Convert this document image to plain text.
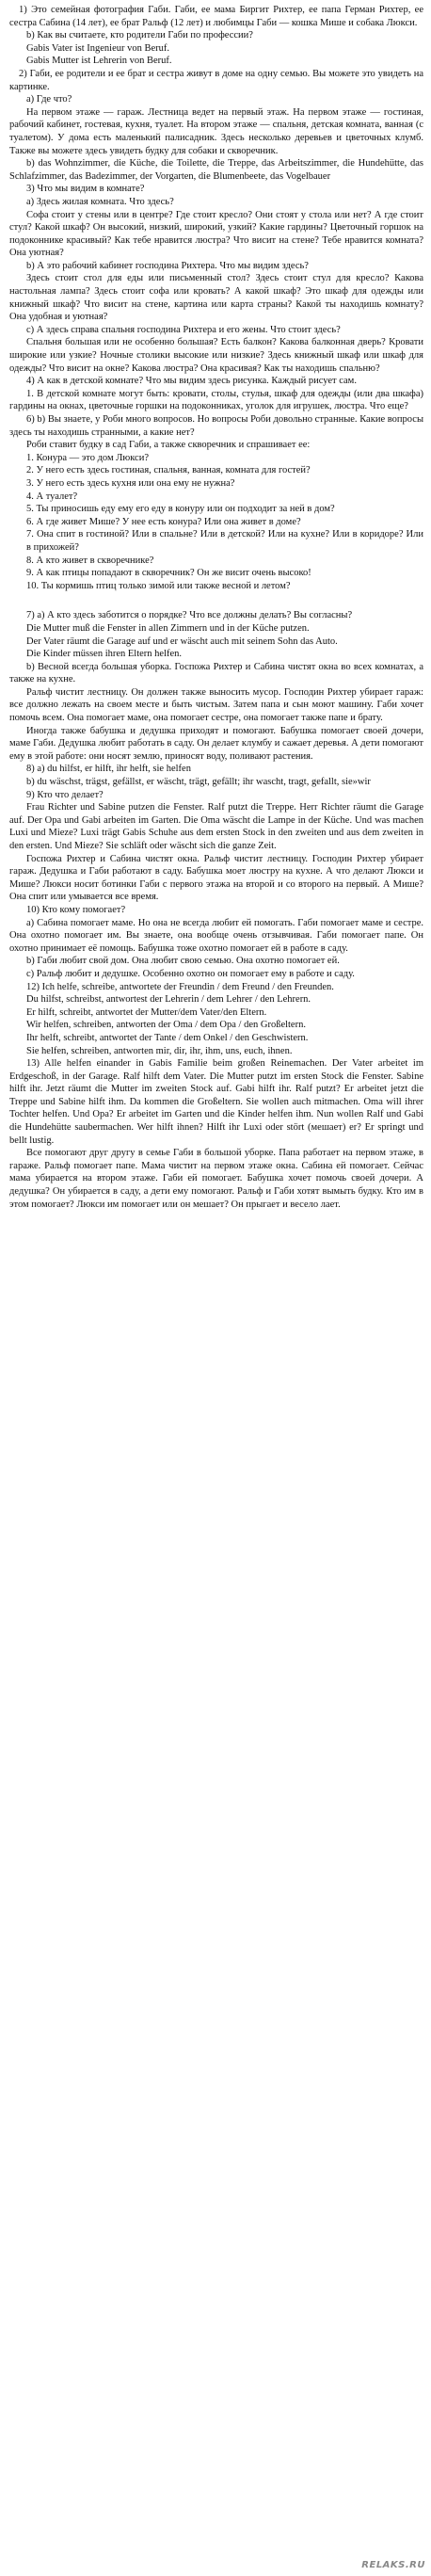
1) Это семейная фотография Габи. Габи, ее мама Биргит Рихтер, ее папа Герман Рихтер, ее сестра Сабина (14 лет), ее брат Ральф (12 лет) и любимцы Габи — кошка Мише и собака Люкси.

b) Как вы считаете, кто родители Габи по профессии?

Gabis Vater ist Ingenieur von Beruf.

Gabis Mutter ist Lehrerin von Beruf.

2) Габи, ее родители и ее брат и сестра живут в доме на одну семью. Вы можете это увидеть на картинке.

а) Где что?

На первом этаже — гараж. Лестница ведет на первый этаж. На первом этаже — гостиная, рабочий кабинет, гостевая, кухня, туалет. На втором этаже — спальня, детская комната, ванная (с туалетом). У дома есть маленький палисадник. Здесь несколько деревьев и цветочных клумб. Также вы можете здесь увидеть будку для собаки и скворечник.

b) das Wohnzimmer, die Küche, die Toilette, die Treppe, das Arbeitszimmer, die Hundehütte, das Schlafzimmer, das Badezimmer, der Vorgarten, die Blumenbeete, das Vogelbauer

3) Что мы видим в комнате?

а) Здесь жилая комната. Что здесь?

Софа стоит у стены или в центре? Где стоит кресло? Они стоят у стола или нет? А где стоит стул? Какой шкаф? Он высокий, низкий, широкий, узкий? Какие гардины? Цветочный горшок на подоконнике красивый? Как тебе нравится люстра? Что висит на стене? Тебе нравится комната? Она уютная?

b) А это рабочий кабинет господина Рихтера. Что мы видим здесь?

Здесь стоит стол для еды или письменный стол? Здесь стоит стул для кресло? Какова настольная лампа? Здесь стоит софа или кровать? А какой шкаф? Это шкаф для одежды или книжный шкаф? Что висит на стене, картина или карта страны? Какой ты находишь комнату? Она удобная и уютная?

c) А здесь справа спальня господина Рихтера и его жены. Что стоит здесь?

Спальня большая или не особенно большая? Есть балкон? Какова балконная дверь? Кровати широкие или узкие? Ночные столики высокие или низкие? Здесь книжный шкаф или шкаф для одежды? Что висит на окне? Какова люстра? Она красивая? Как ты находишь спальню?

4) А как в детской комнате? Что мы видим здесь рисунка. Каждый рисует сам.

1. В детской комнате могут быть: кровати, столы, стулья, шкаф для одежды (или два шкафа) гардины на окнах, цветочные горшки на подоконниках, уголок для игрушек, люстра. Что еще?

6) b) Вы знаете, у Роби много вопросов. Но вопросы Роби довольно странные. Какие вопросы здесь ты находишь странными, а какие нет?

Роби ставит будку в сад Габи, а также скворечник и спрашивает ее:

1. Конура — это дом Люкси?

2. У него есть здесь гостиная, спальня, ванная, комната для гостей?

3. У него есть здесь кухня или она ему не нужна?

4. А туалет?

5. Ты приносишь еду ему его еду в конуру или он подходит за ней в дом?

6. А где живет Мише? У нее есть конура? Или она живет в доме?

7. Она спит в гостиной? Или в спальне? Или в детской? Или на кухне? Или в коридоре? Или в прихожей?

8. А кто живет в скворечнике?

9. А как птицы попадают в скворечник? Он же висит очень высоко!

10. Ты кормишь птиц только зимой или также весной и летом?

7) а) А кто здесь заботится о порядке? Что все должны делать? Вы согласны?

Die Mutter muß die Fenster in allen Zimmern und in der Küche putzen.

Der Vater räumt die Garage auf und er wäscht auch mit seinem Sohn das Auto.

Die Kinder müssen ihren Eltern helfen.

b) Весной всегда большая уборка. Госпожа Рихтер и Сабина чистят окна во всех комнатах, а также на кухне.

Ральф чистит лестницу. Он должен также выносить мусор. Господин Рихтер убирает гараж: все должно лежать на своем месте и быть чистым. Затем папа и сын моют машину. Габи хочет помочь всем. Она помогает маме, она помогает сестре, она помогает также папе и брату.

Иногда также бабушка и дедушка приходят и помогают. Бабушка помогает своей дочери, маме Габи. Дедушка любит работать в саду. Он делает клумбу и сажает деревья. А дети помогают ему в этой работе: они носят землю, приносят воду, поливают растения.

8) а) du hilfst, er hilft, ihr helft, sie helfen

b) du wäschst, trägst, gefällst, er wäscht, trägt, gefällt; ihr wascht, tragt, gefallt, sie»wir

9) Кто что делает?

Frau Richter und Sabine putzen die Fenster. Ralf putzt die Treppe. Herr Richter räumt die Garage auf. Der Opa und Gabi arbeiten im Garten. Die Oma wäscht die Lampe in der Küche. Und was machen Luxi und Mieze? Luxi trägt Gabis Schuhe aus dem ersten Stock in den zweiten und aus dem zweiten in den ersten. Und Mieze? Sie schläft oder wäscht sich die ganze Zeit.

Госпожа Рихтер и Сабина чистят окна. Ральф чистит лестницу. Господин Рихтер убирает гараж. Дедушка и Габи работают в саду. Бабушка моет люстру на кухне. А что делают Люкси и Мише? Люкси носит ботинки Габи с первого этажа на второй и со второго на первый. А Мише? Она спит или умывается все время.

10) Кто кому помогает?

а) Сабина помогает маме. Но она не всегда любит ей помогать. Габи помогает маме и сестре. Она охотно помогает им. Вы знаете, она вообще очень отзывчивая. Габи помогает папе. Он охотно принимает её помощь. Бабушка тоже охотно помогает ей в работе в саду.

b) Габи любит свой дом. Она любит свою семью. Она охотно помогает ей.

c) Ральф любит и дедушке. Особенно охотно он помогает ему в работе и саду.

12) Ich helfe, schreibe, antwortete der Freundin / dem Freund / den Freunden.

Du hilfst, schreibst, antwortest der Lehrerin / dem Lehrer / den Lehrern.

Er hilft, schreibt, antwortet der Mutter/dem Vater/den Eltern.

Wir helfen, schreiben, antworten der Oma / dem Opa / den Großeltern.

Ihr helft, schreibt, antwortet der Tante / dem Onkel / den Geschwistern.

Sie helfen, schreiben, antworten mir, dir, ihr, ihm, uns, euch, ihnen.

13) Alle helfen einander in Gabis Familie beim großen Reinemachen. Der Vater arbeitet im Erdgeschoß, in der Garage. Ralf hilft dem Vater. Die Mutter putzt im ersten Stock die Fenster. Sabine hilft ihr. Jetzt räumt die Mutter im zweiten Stock auf. Gabi hilft ihr. Ralf putzt? Er arbeitet jetzt die Treppe und Sabine hilft ihm. Da kommen die Großeltern. Sie wollen auch mitmachen. Oma will ihrer Tochter helfen. Und Opa? Er arbeitet im Garten und die Kinder helfen ihm. Nun wollen Ralf und Gabi die Hundehütte saubermachen. Wer hilft ihnen? Hilft ihr Luxi oder stört (мешает) er? Er springt und bellt lustig.

Все помогают друг другу в семье Габи в большой уборке. Папа работает на первом этаже, в гараже. Ральф помогает папе. Мама чистит на первом этаже окна. Сабина ей помогает. Сейчас мама убирается на втором этаже. Габи ей помогает. Бабушка хочет помочь своей дочери. А дедушка? Он убирается в саду, а дети ему помогают. Ральф и Габи хотят вымыть будку. Кто им в этом помогает? Люкси им помогает или он мешает? Он прыгает и весело лает.

RELAKS.RU
